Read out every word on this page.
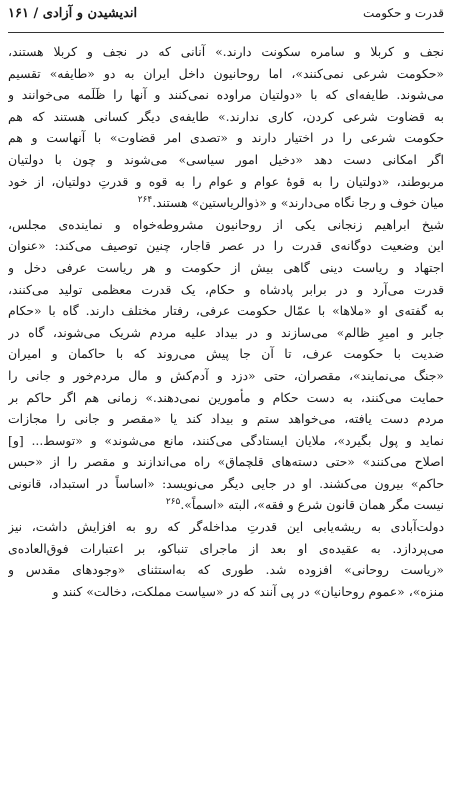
قدرت و حکومت
اندیشیدن و آزادی / ۱۶۱
نجف و کربلا و سامره سکونت دارند.» آنانی که در نجف و کربلا هستند،
«حکومت شرعی نمی‌کنند»، اما روحانیون داخل ایران به دو «طایفه» تقسیم
می‌شوند. طایفه‌ای که با «دولتیان مراوده نمی‌کنند و آنها را ظَلَمه می‌خوانند و
به قضاوت شرعی کردن، کاری ندارند.» طایفه‌ی دیگر کسانی هستند که هم
حکومت شرعی را در اختیار دارند و «تصدی امر قضاوت» با آنهاست و هم
اگر امکانی دست دهد «دخیل امور سیاسی» می‌شوند و چون با دولتیان
مربوطند، «دولتیان را به قوهٔ عوام و عوام را به قوه و قدرتِ دولتیان، از خود
میان خوف و رجا نگاه می‌دارند» و «ذوالریاستین» هستند.$^{۲۶۴}$
شیخ ابراهیم زنجانی یکی از روحانیون مشروطه‌خواه و نماینده‌ی مجلس،
این وضعیت دوگانه‌ی قدرت را در عصر قاجار، چنین توصیف می‌کند: «عنوان
اجتهاد و ریاست دینی گاهی بیش از حکومت و هر ریاست عرفی دخل و
قدرت می‌آرد و در برابر پادشاه و حکام، یک قدرت معظمی تولید می‌کنند،
به گفته‌ی او «ملاها» با عمّال حکومت عرفی، رفتار مختلف دارند. گاه با «حکام
جابر و امیرِ ظالم» می‌سازند و در بیداد علیه مردم شریک می‌شوند، گاه در
ضدیت با حکومت عرف، تا آن جا پیش می‌روند که با حاکمان و امیران
«جنگ می‌نمایند»، مقصران، حتی «دزد و آدم‌کش و مال مردم‌خور و جانی را
حمایت می‌کنند، به دست حکام و مأمورین نمی‌دهند.» زمانی هم اگر حاکم بر
مردم دست یافته، می‌خواهد ستم و بیداد کند یا «مقصر و جانی را مجازات
نماید و پول بگیرد»، ملایان ایستادگی می‌کنند، مانع می‌شوند» و «توسط... [و]
اصلاح می‌کنند» «حتی دسته‌های قلچماق» راه می‌اندازند و مقصر را از «حبس
حاکم» بیرون می‌کشند. او در جایی دیگر می‌نویسد: «اساساً در استبداد، قانونی
نیست مگر همان قانون شرع و فقه»، البته «اسماً».$^{۲۶۵}$
دولت‌آبادی به ریشه‌یابی این قدرتِ مداخله‌گر که رو به افزایش داشت، نیز
می‌پردازد. به عقیده‌ی او بعد از ماجرای تنباکو، بر اعتبارات فوق‌العاده‌ی
«ریاست روحانی» افزوده شد. طوری که به‌استثنای «وجودهای مقدس و
منزه»، «عموم روحانیان» در پی آنند که در «سیاست مملکت، دخالت» کنند و
